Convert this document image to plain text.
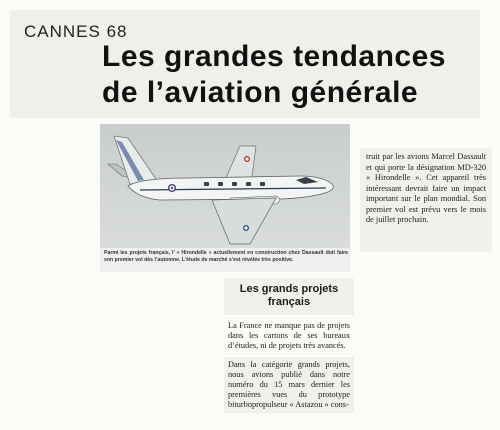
CANNES 68
Les grandes tendances
de l’aviation générale
Parmi les projets français, l’ « Hirondelle » actuellement en construction chez Dassault doit faire son premier vol dès l’automne. L’étude de marché s’est révélée très positive.

truit par les avions Marcel Dassault et qui porte la désignation MD-320 « Hirondelle ». Cet appareil très intéressant devrait faire un impact important sur le plan mondial. Son premier vol est prévu vers le mois de juillet prochain.

Les grands projets français

La France ne manque pas de projets dans les cartons de ses bureaux d’études, ni de projets très avancés.

Dans la catégorie grands projets, nous avions publié dans notre numéro du 15 mars dernier les premières vues du prototype biturbopropulseur « Astazou » cons-
